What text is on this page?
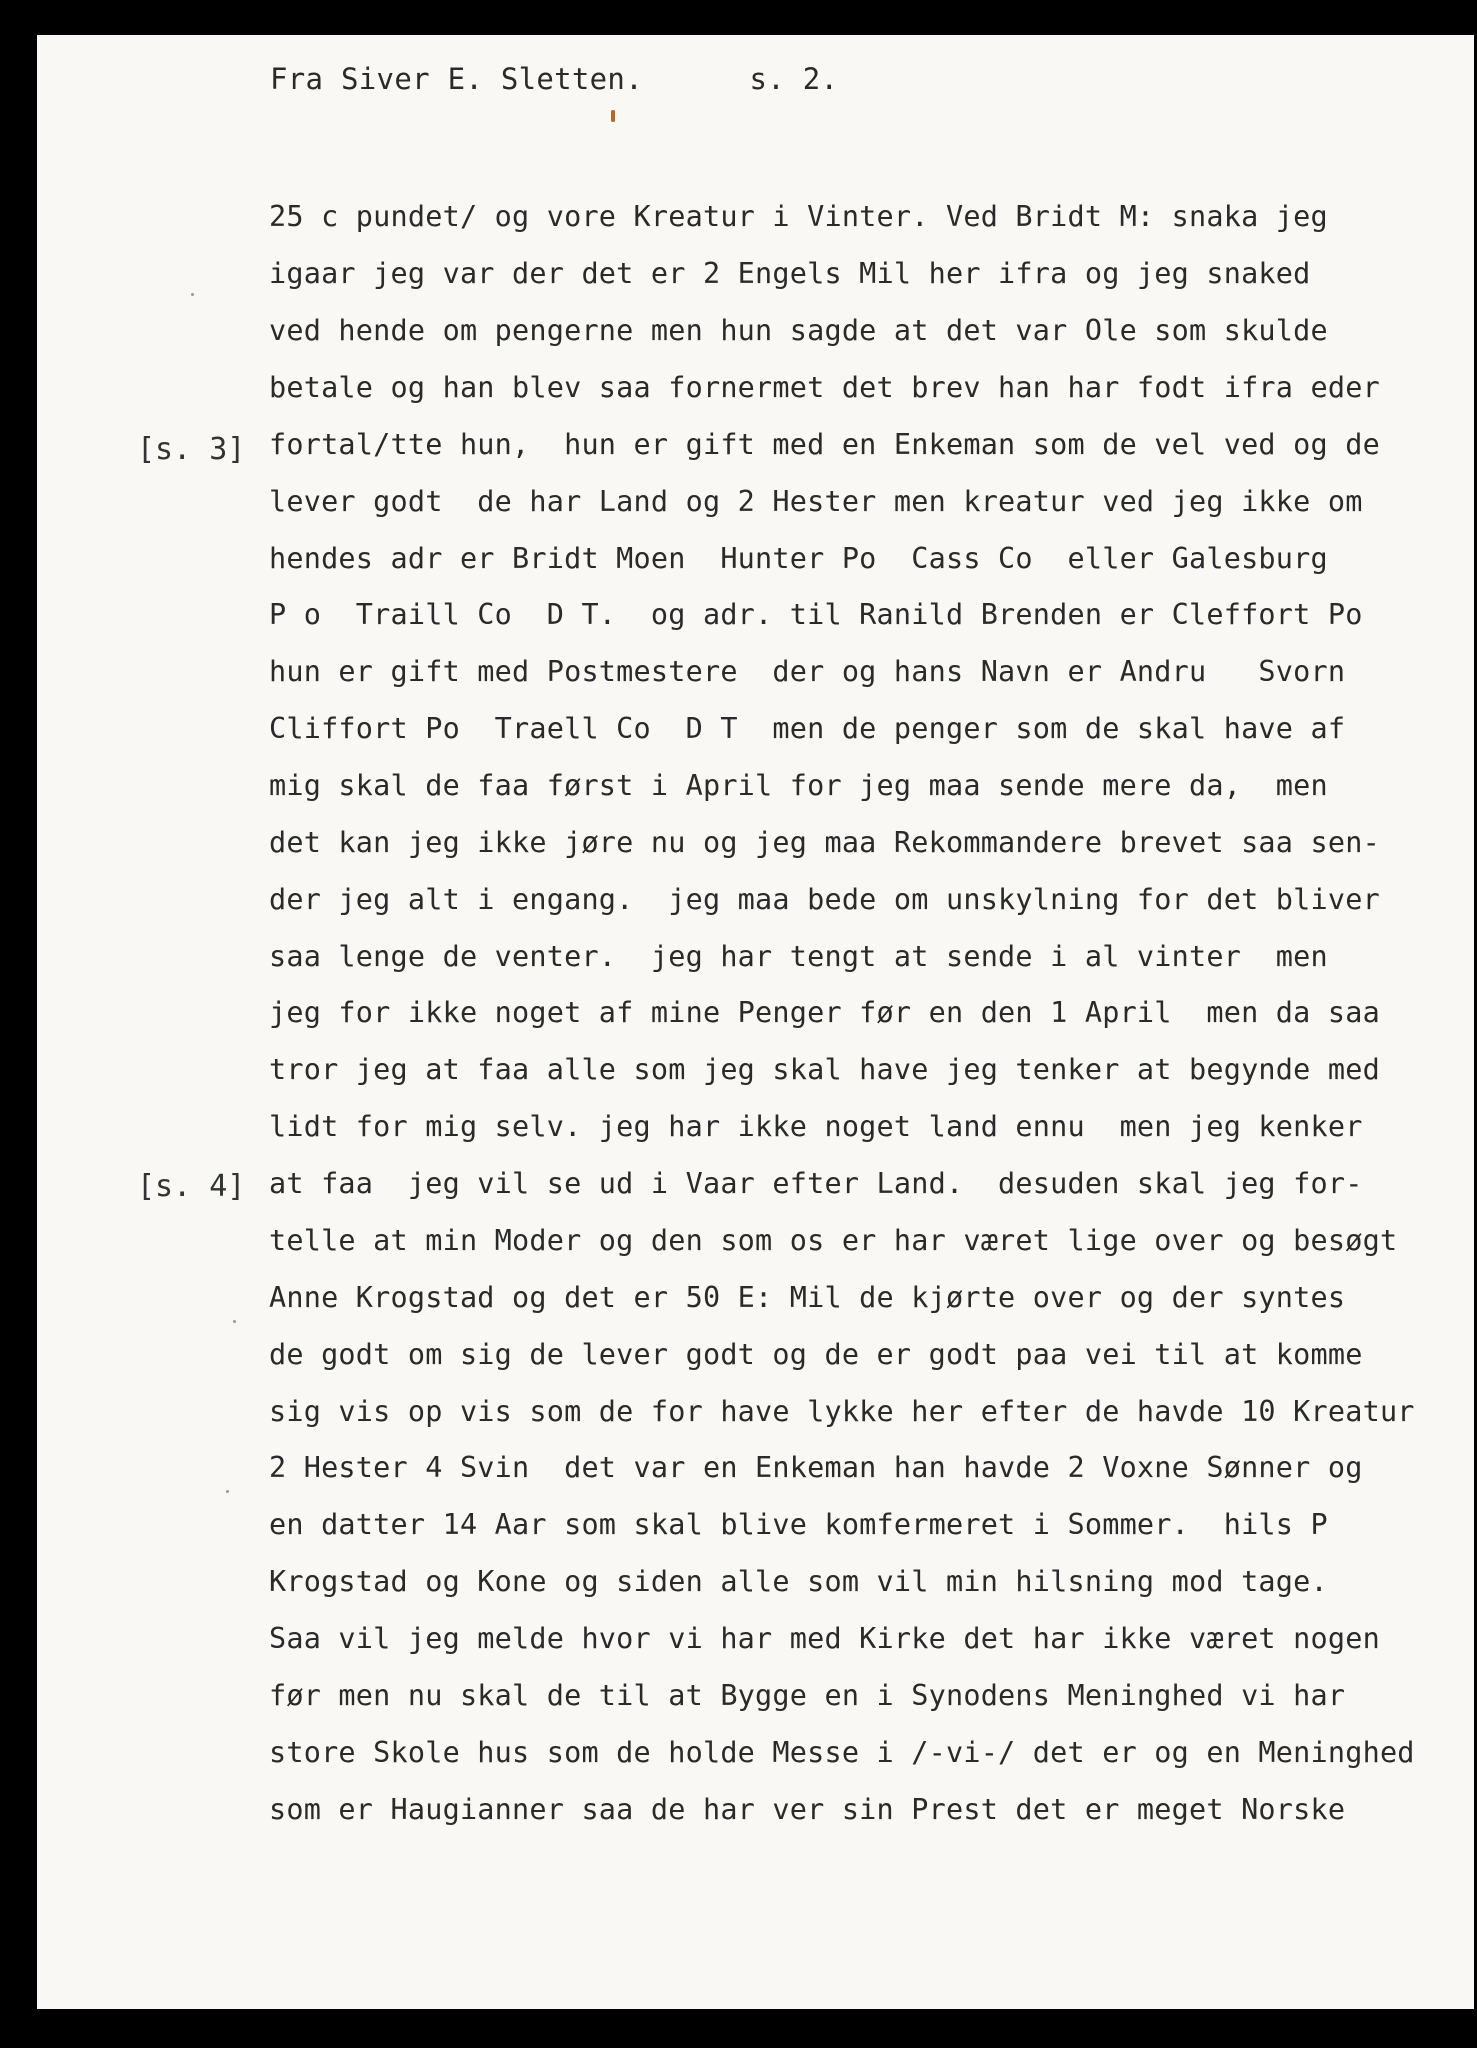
Fra Siver E. Sletten.      s. 2.
[s. 3]
[s. 4]
25 c pundet/ og vore Kreatur i Vinter. Ved Bridt M: snaka jeg
igaar jeg var der det er 2 Engels Mil her ifra og jeg snaked
ved hende om pengerne men hun sagde at det var Ole som skulde
betale og han blev saa fornermet det brev han har fodt ifra eder
fortal/tte hun,  hun er gift med en Enkeman som de vel ved og de
lever godt  de har Land og 2 Hester men kreatur ved jeg ikke om
hendes adr er Bridt Moen  Hunter Po  Cass Co  eller Galesburg
P o  Traill Co  D T.  og adr. til Ranild Brenden er Cleffort Po
hun er gift med Postmestere  der og hans Navn er Andru   Svorn
Cliffort Po  Traell Co  D T  men de penger som de skal have af
mig skal de faa først i April for jeg maa sende mere da,  men
det kan jeg ikke jøre nu og jeg maa Rekommandere brevet saa sen-
der jeg alt i engang.  jeg maa bede om unskylning for det bliver
saa lenge de venter.  jeg har tengt at sende i al vinter  men
jeg for ikke noget af mine Penger før en den 1 April  men da saa
tror jeg at faa alle som jeg skal have jeg tenker at begynde med
lidt for mig selv. jeg har ikke noget land ennu  men jeg kenker
at faa  jeg vil se ud i Vaar efter Land.  desuden skal jeg for-
telle at min Moder og den som os er har været lige over og besøgt
Anne Krogstad og det er 50 E: Mil de kjørte over og der syntes
de godt om sig de lever godt og de er godt paa vei til at komme
sig vis op vis som de for have lykke her efter de havde 10 Kreatur
2 Hester 4 Svin  det var en Enkeman han havde 2 Voxne Sønner og
en datter 14 Aar som skal blive komfermeret i Sommer.  hils P
Krogstad og Kone og siden alle som vil min hilsning mod tage.
Saa vil jeg melde hvor vi har med Kirke det har ikke været nogen
før men nu skal de til at Bygge en i Synodens Meninghed vi har
store Skole hus som de holde Messe i /-vi-/ det er og en Meninghed
som er Haugianner saa de har ver sin Prest det er meget Norske
